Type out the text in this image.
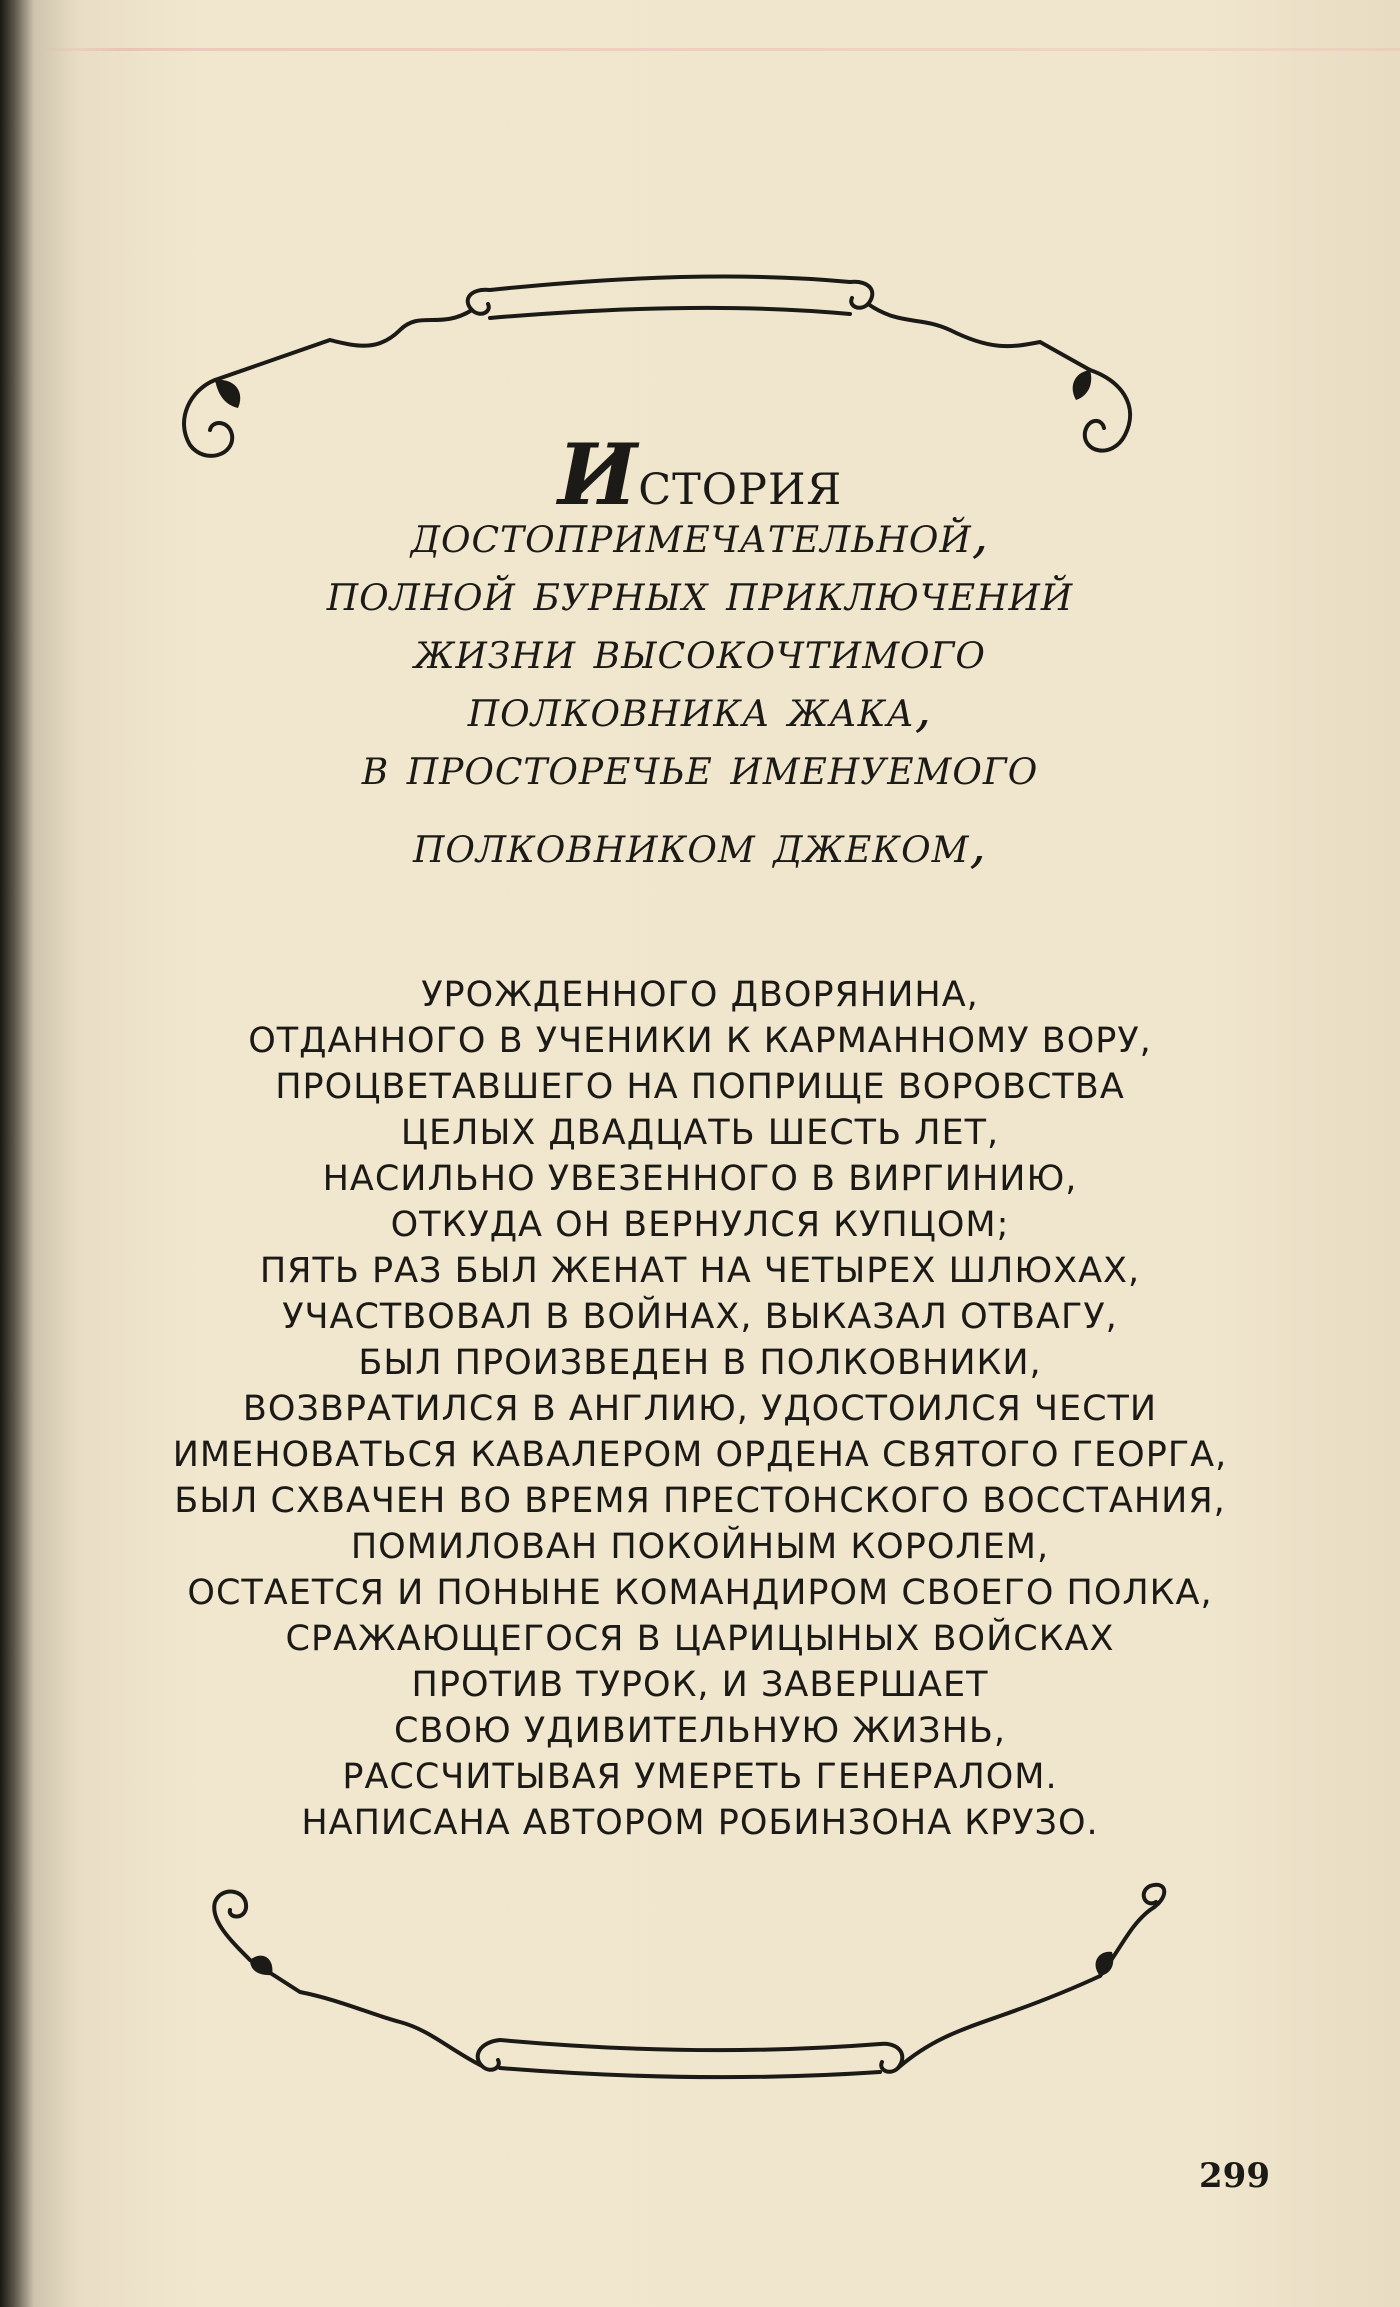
история
достопримечательной,
полной бурных приключений
жизни высокочтимого
полковника жака,
в просторечье именуемого
полковником джеком,
УРОЖДЕННОГО ДВОРЯНИНА,
ОТДАННОГО В УЧЕНИКИ К КАРМАННОМУ ВОРУ,
ПРОЦВЕТАВШЕГО НА ПОПРИЩЕ ВОРОВСТВА
ЦЕЛЫХ ДВАДЦАТЬ ШЕСТЬ ЛЕТ,
НАСИЛЬНО УВЕЗЕННОГО В ВИРГИНИЮ,
ОТКУДА ОН ВЕРНУЛСЯ КУПЦОМ;
ПЯТЬ РАЗ БЫЛ ЖЕНАТ НА ЧЕТЫРЕХ ШЛЮХАХ,
УЧАСТВОВАЛ В ВОЙНАХ, ВЫКАЗАЛ ОТВАГУ,
БЫЛ ПРОИЗВЕДЕН В ПОЛКОВНИКИ,
ВОЗВРАТИЛСЯ В АНГЛИЮ, УДОСТОИЛСЯ ЧЕСТИ
ИМЕНОВАТЬСЯ КАВАЛЕРОМ ОРДЕНА СВЯТОГО ГЕОРГА,
БЫЛ СХВАЧЕН ВО ВРЕМЯ ПРЕСТОНСКОГО ВОССТАНИЯ,
ПОМИЛОВАН ПОКОЙНЫМ КОРОЛЕМ,
ОСТАЕТСЯ И ПОНЫНЕ КОМАНДИРОМ СВОЕГО ПОЛКА,
СРАЖАЮЩЕГОСЯ В ЦАРИЦЫНЫХ ВОЙСКАХ
ПРОТИВ ТУРОК, И ЗАВЕРШАЕТ
СВОЮ УДИВИТЕЛЬНУЮ ЖИЗНЬ,
РАССЧИТЫВАЯ УМЕРЕТЬ ГЕНЕРАЛОМ.
НАПИСАНА АВТОРОМ РОБИНЗОНА КРУЗО.
299
